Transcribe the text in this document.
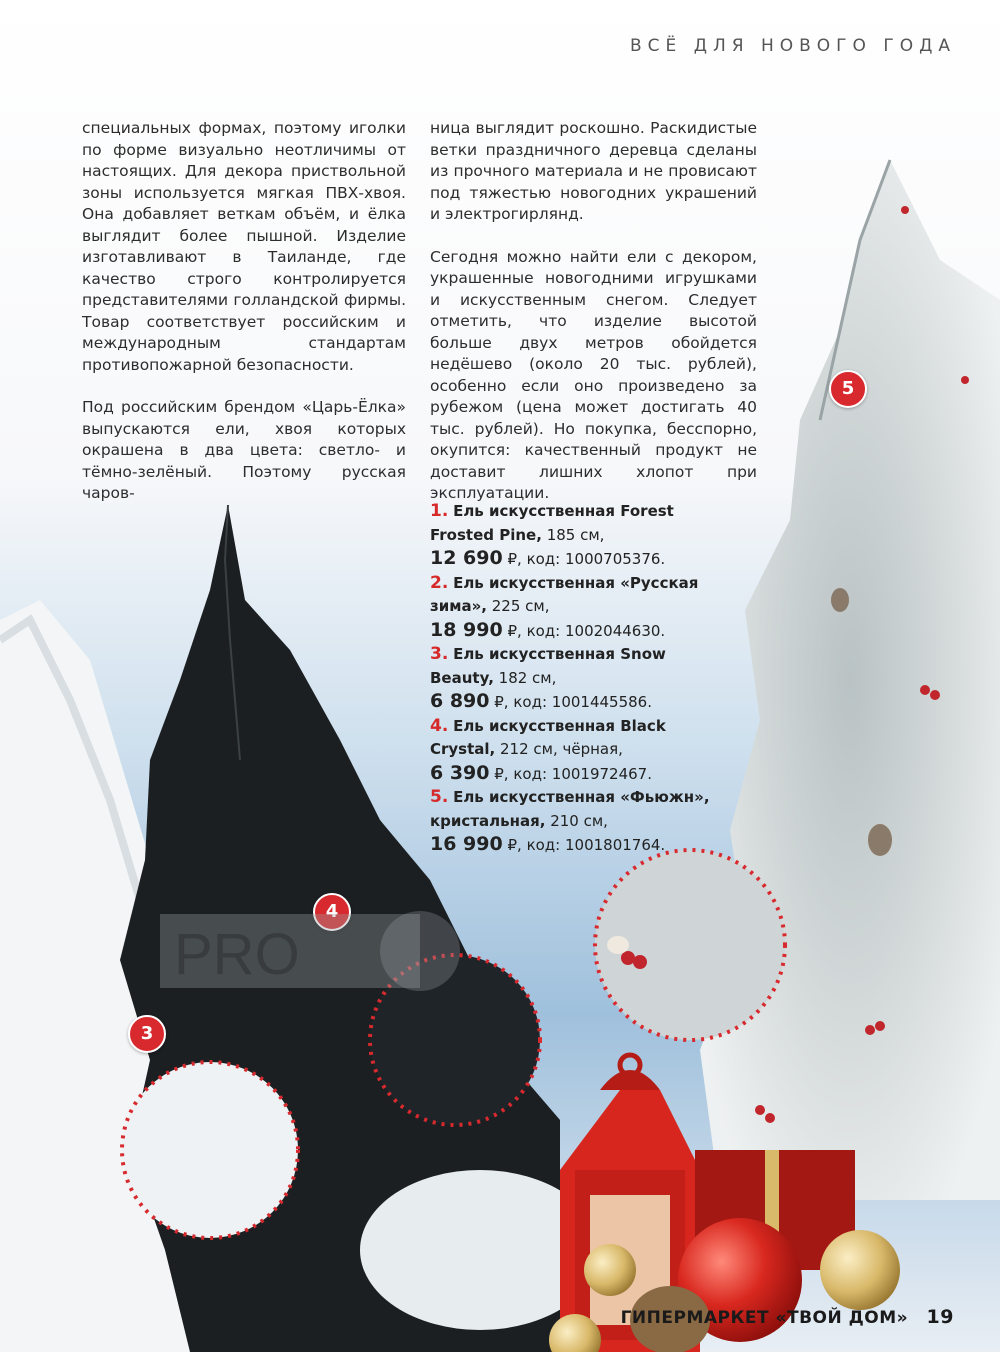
ВСЁ ДЛЯ НОВОГО ГОДА

специальных формах, поэтому иголки по форме визуально неотличимы от настоящих. Для декора приствольной зоны используется мягкая ПВХ-хвоя. Она добавляет веткам объём, и ёлка выглядит более пышной. Изделие изготавливают в Таиланде, где качество строго контролируется представителями голландской фирмы. Товар соответствует российским и международным стандартам противопожарной безопасности.

Под российским брендом «Царь-Ёлка» выпускаются ели, хвоя которых окрашена в два цвета: светло- и тёмно-зелёный. Поэтому русская чаров-

ница выглядит роскошно. Раскидистые ветки праздничного деревца сделаны из прочного материала и не провисают под тяжестью новогодних украшений и электрогирлянд.

Сегодня можно найти ели с декором, украшенные новогодними игрушками и искусственным снегом. Следует отметить, что изделие высотой больше двух метров обойдется недёшево (около 20 тыс. рублей), особенно если оно произведено за рубежом (цена может достигать 40 тыс. рублей). Но покупка, бесспорно, окупится: качественный продукт не доставит лишних хлопот при эксплуатации.

1. Ель искусственная Forest Frosted Pine, 185 см,
12 690 ₽, код: 1000705376.

2. Ель искусственная «Русская зима», 225 см,
18 990 ₽, код: 1002044630.

3. Ель искусственная Snow Beauty, 182 см,
6 890 ₽, код: 1001445586.

4. Ель искусственная Black Crystal, 212 см, чёрная,
6 390 ₽, код: 1001972467.

5. Ель искусственная «Фьюжн», кристальная, 210 см,
16 990 ₽, код: 1001801764.

5
4
3
PRO
ГИПЕРМАРКЕТ «ТВОЙ ДОМ» 19
